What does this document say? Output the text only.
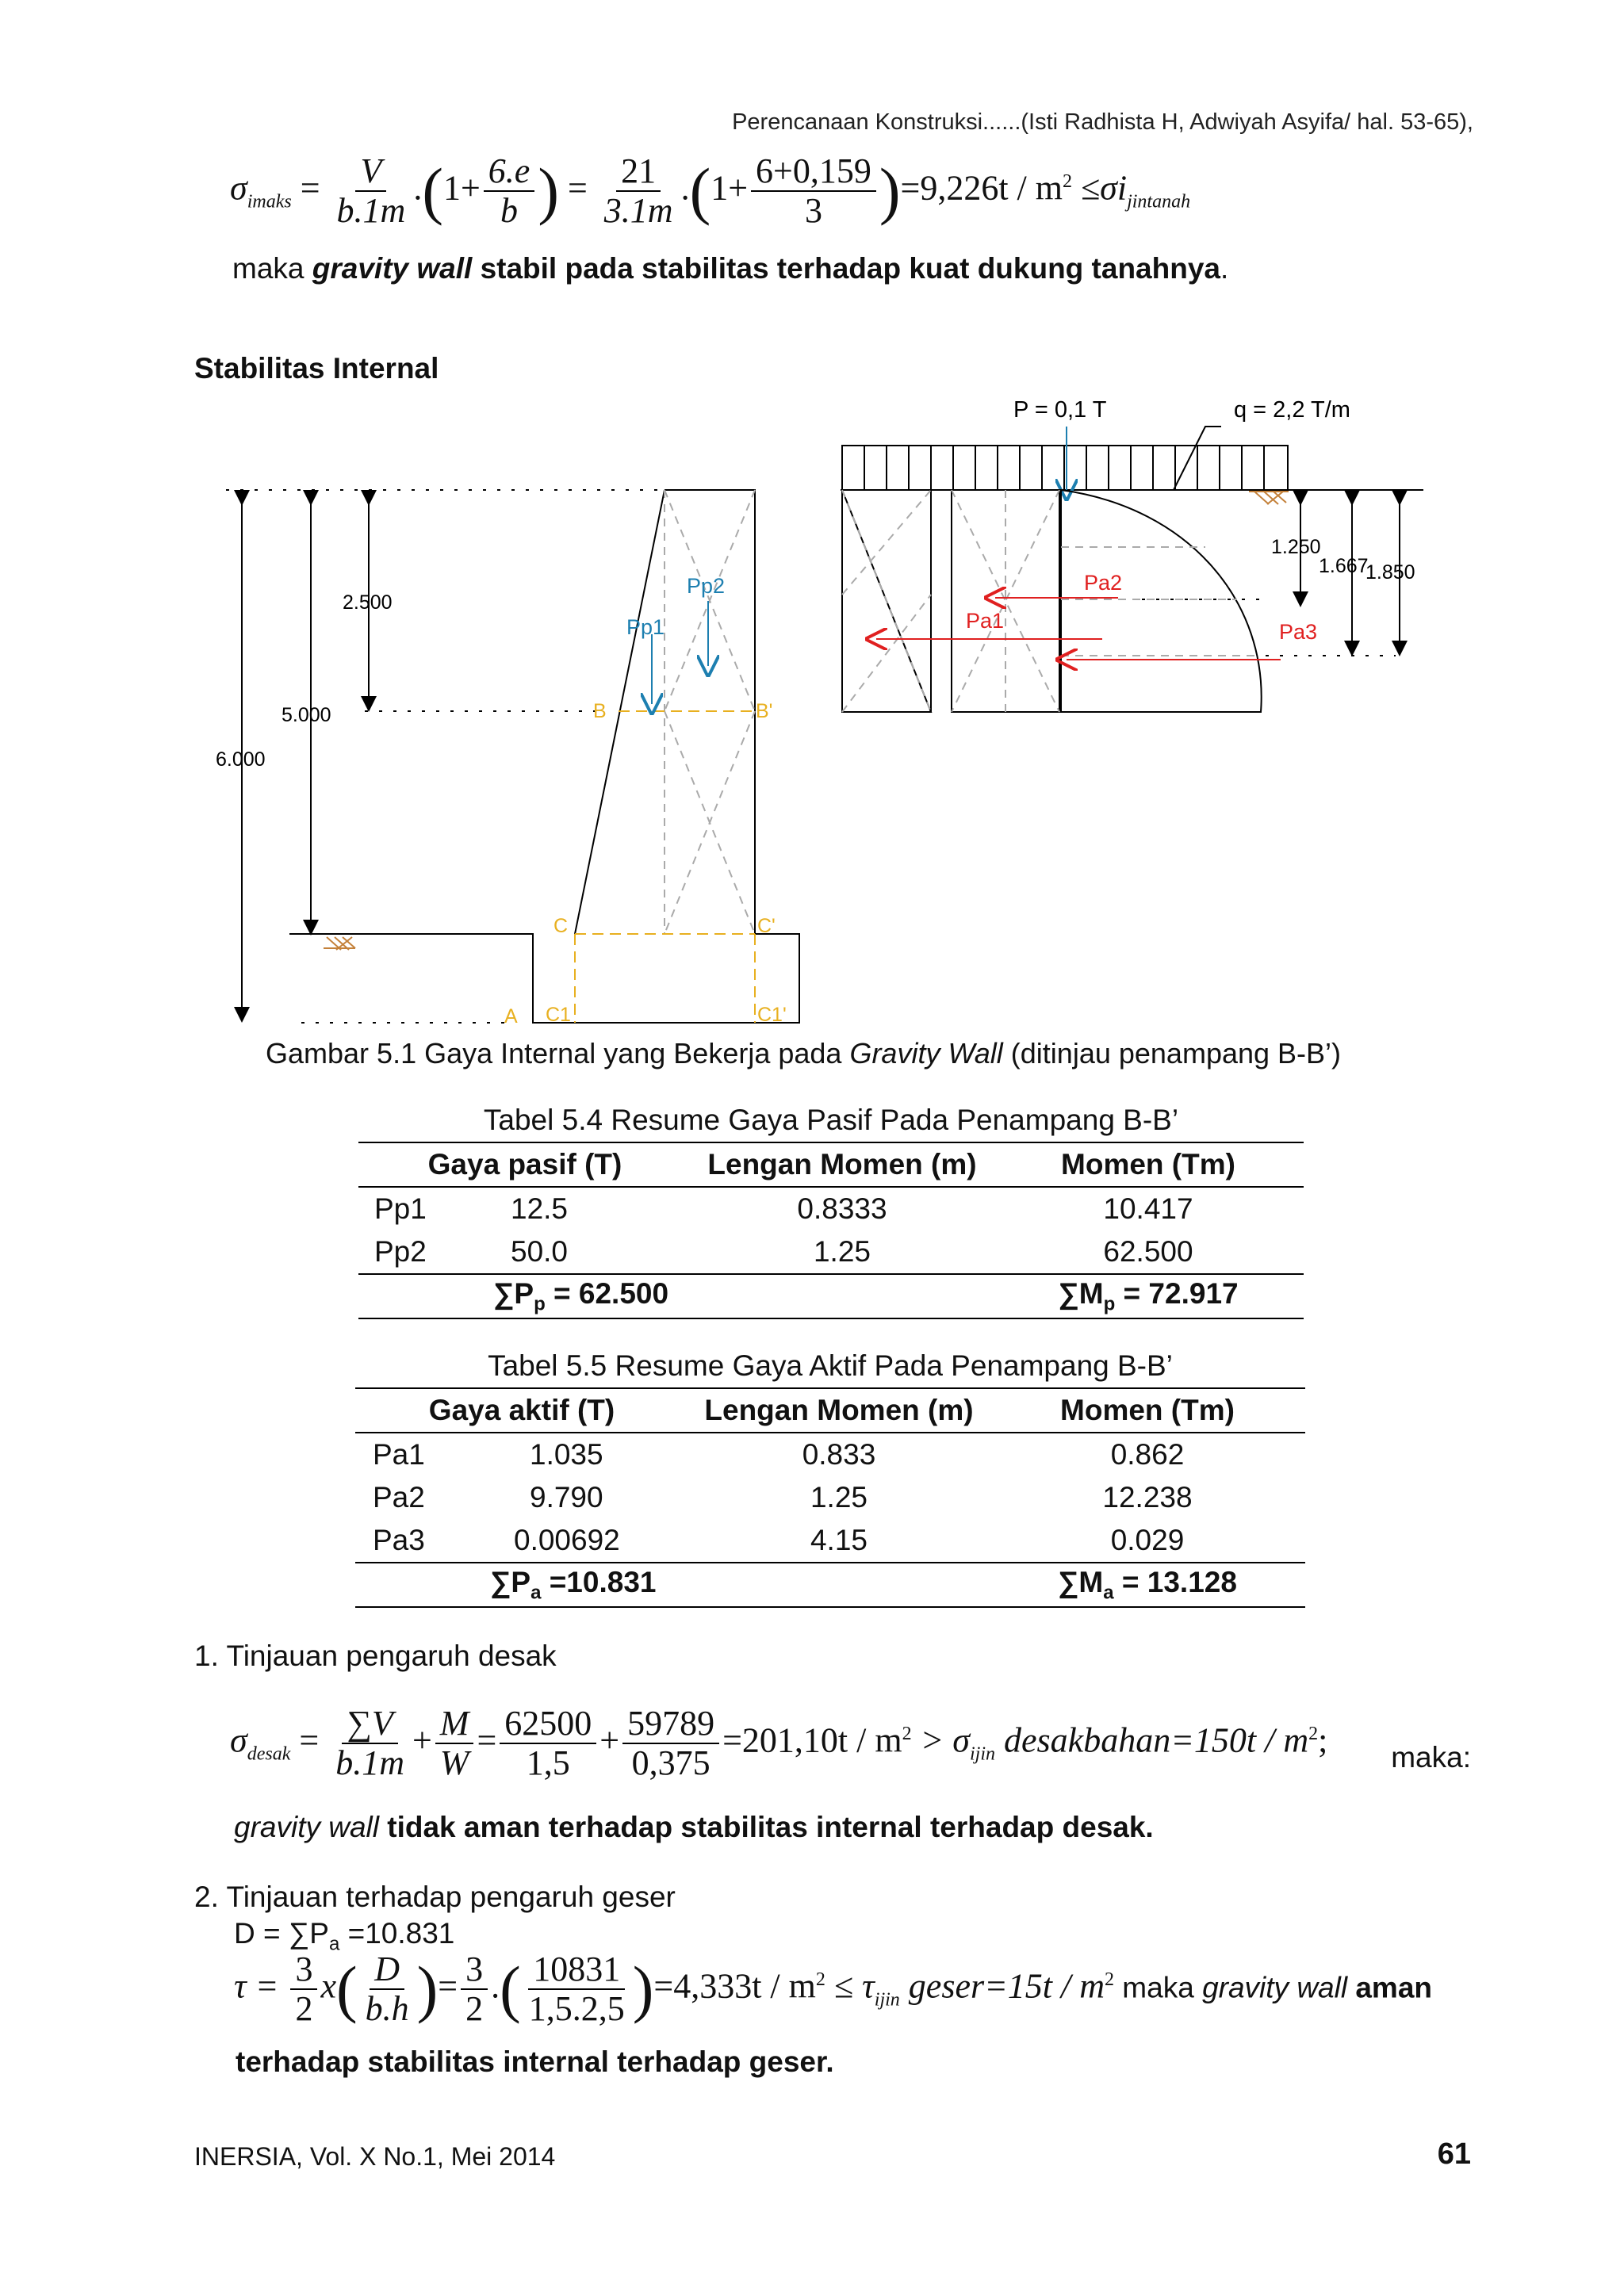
Perencanaan Konstruksi......(Isti Radhista H, Adwiyah Asyifa/ hal. 53-65),
$\sigma_{imaks} = \frac{V}{b.1m} .(1+ \frac{6.e}{b}$ ) = $\frac{21}{3.1m} .(1+ \frac{6+0,159}{3} )=9,226t / m^2 \le\sigma i_{jintanah}$
maka gravity wall stabil pada stabilitas terhadap kuat dukung tanahnya.
Stabilitas Internal
2.500
5.000
6.000
1.250
1.667
1.850
B	B'
C	C'
A C1	C1'
Pp1
Pp2
P = 0,1 T	q = 2,2 T/m
Pa2
Pa1	Pa3
Gambar 5.1 Gaya Internal yang Bekerja pada Gravity Wall (ditinjau penampang B-B’)
Tabel 5.4 Resume Gaya Pasif Pada Penampang B-B’			
Gaya pasif (T)		Lengan Momen (m)	Momen (Tm)
Pp1	12.5	0.8333	10.417
Pp2	50.0	1.25	62.500
	$\sum P_p = 62.500$		$\sum M_p = 72.917$
Tabel 5.5 Resume Gaya Aktif Pada Penampang B-B’			
Gaya aktif (T)		Lengan Momen (m)	Momen (Tm)
Pa1	1.035	0.833	0.862
Pa2	9.790	1.25	12.238
Pa3	0.00692	4.15	0.029
	$\sum P_a =10.831$		$\sum M_a = 13.128$
1. Tinjauan pengaruh desak
$\sigma_{desak} = \frac{\sum V}{b.1m} + \frac{M}{W} = \frac{62500}{1,5} + \frac{59789}{0,375} =201,10t / m^2 > \sigma_{ijin}$ desakbahan=150t / $m^2$; maka:
gravity wall tidak aman terhadap stabilitas internal terhadap desak.
2. Tinjauan terhadap pengaruh geser
$D = \sum P_a =10.831$
$\tau = \frac{3}{2} x( \frac{D}{b.h}$ )= $\frac{3}{2}$ .( $\frac{10831}{1,5.2,5} )=4,333t / m^2 \le \tau_{ijin}$ geser=15t / $m^2$ maka gravity wall aman
terhadap stabilitas internal terhadap geser.
INERSIA, Vol. X No.1, Mei 2014	61
